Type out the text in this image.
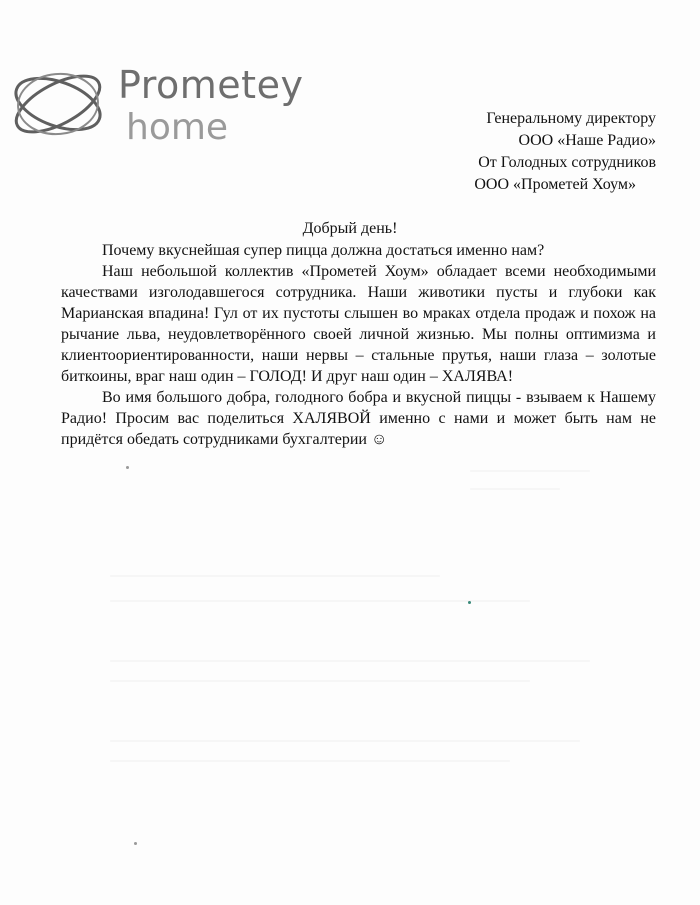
Prometey
home	Генеральному директору
ООО «Наше Радио»
От Голодных сотрудников
ООО «Прометей Хоум»
Добрый день!

Почему вкуснейшая супер пицца должна достаться именно нам?

Наш небольшой коллектив «Прометей Хоум» обладает всеми необходимыми качествами изголодавшегося сотрудника. Наши животики пусты и глубоки как Марианская впадина! Гул от их пустоты слышен во мраках отдела продаж и похож на рычание льва, неудовлетворённого своей личной жизнью. Мы полны оптимизма и клиентоориентированности, наши нервы – стальные прутья, наши глаза – золотые биткоины, враг наш один – ГОЛОД! И друг наш один – ХАЛЯВА!

Во имя большого добра, голодного бобра и вкусной пиццы - взываем к Нашему Радио! Просим вас поделиться ХАЛЯВОЙ именно с нами и может быть нам не придётся обедать сотрудниками бухгалтерии ☺
